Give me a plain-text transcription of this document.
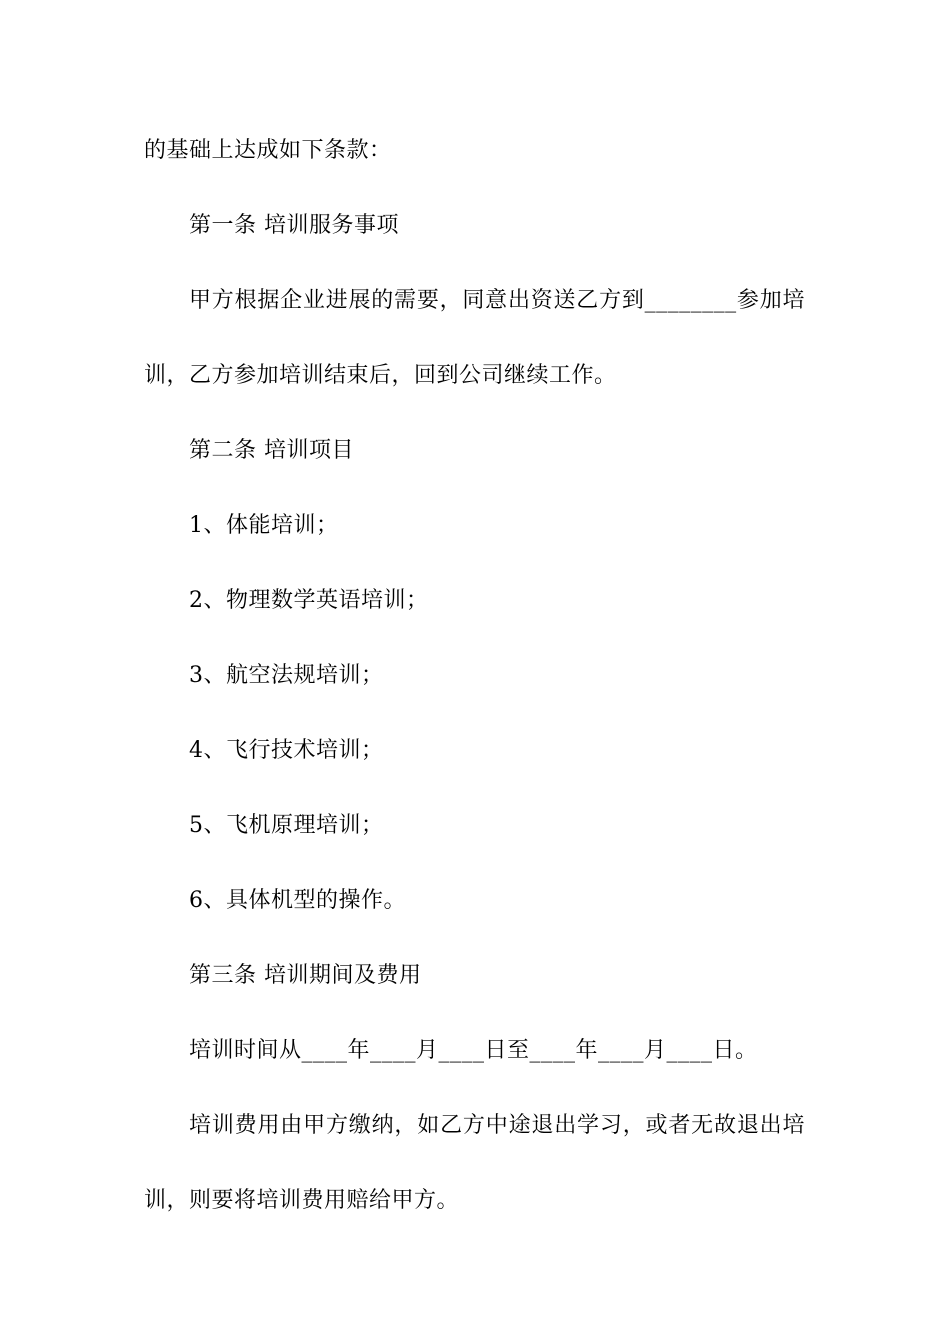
的基础上达成如下条款：
第一条 培训服务事项
甲方根据企业进展的需要，同意出资送乙方到________参加培
训，乙方参加培训结束后，回到公司继续工作。
第二条 培训项目
1、体能培训；
2、物理数学英语培训；
3、航空法规培训；
4、飞行技术培训；
5、飞机原理培训；
6、具体机型的操作。
第三条 培训期间及费用
培训时间从____年____月____日至____年____月____日。
培训费用由甲方缴纳，如乙方中途退出学习，或者无故退出培
训，则要将培训费用赔给甲方。
